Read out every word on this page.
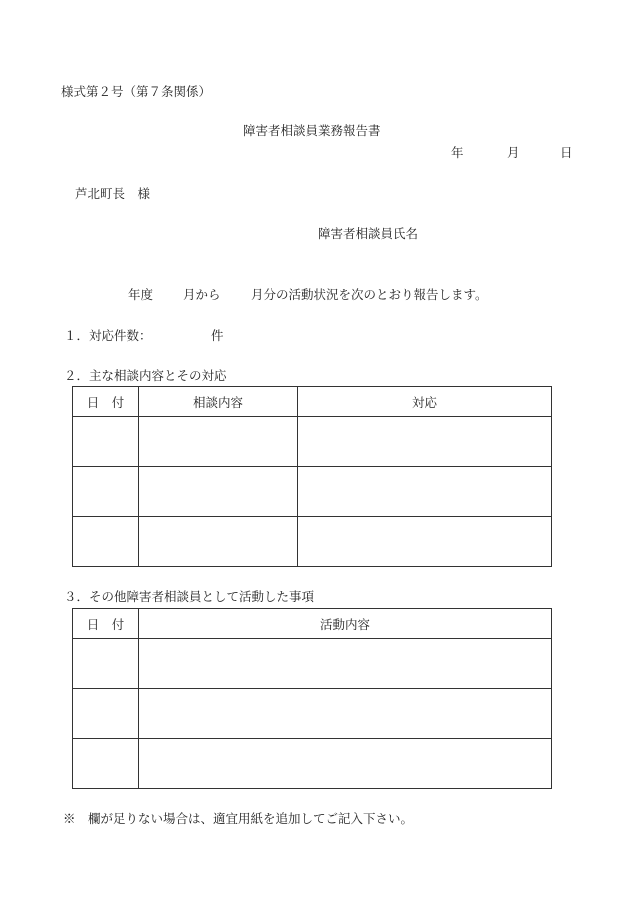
様式第２号（第７条関係）
障害者相談員業務報告書
年	月	日
芦北町長　様
障害者相談員氏名
年度 月から 月分の活動状況を次のとおり報告します。
１．対応件数：	件
２．主な相談内容とその対応
日　付	相談内容	対応

３．その他障害者相談員として活動した事項
日　付	活動内容

※　欄が足りない場合は、適宜用紙を追加してご記入下さい。
